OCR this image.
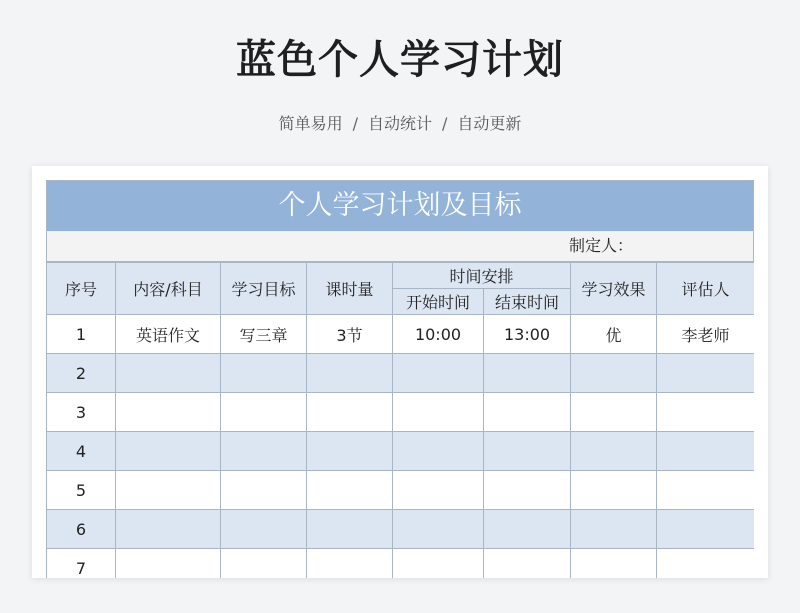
蓝色个人学习计划
简单易用 / 自动统计 / 自动更新
个人学习计划及目标
制定人：
序号	内容/科目	学习目标	课时量	时间安排		学习效果	评估人
				开始时间	结束时间		
1	英语作文	写三章	3节	10:00	13:00	优	李老师
2							
3							
4							
5							
6							
7							
